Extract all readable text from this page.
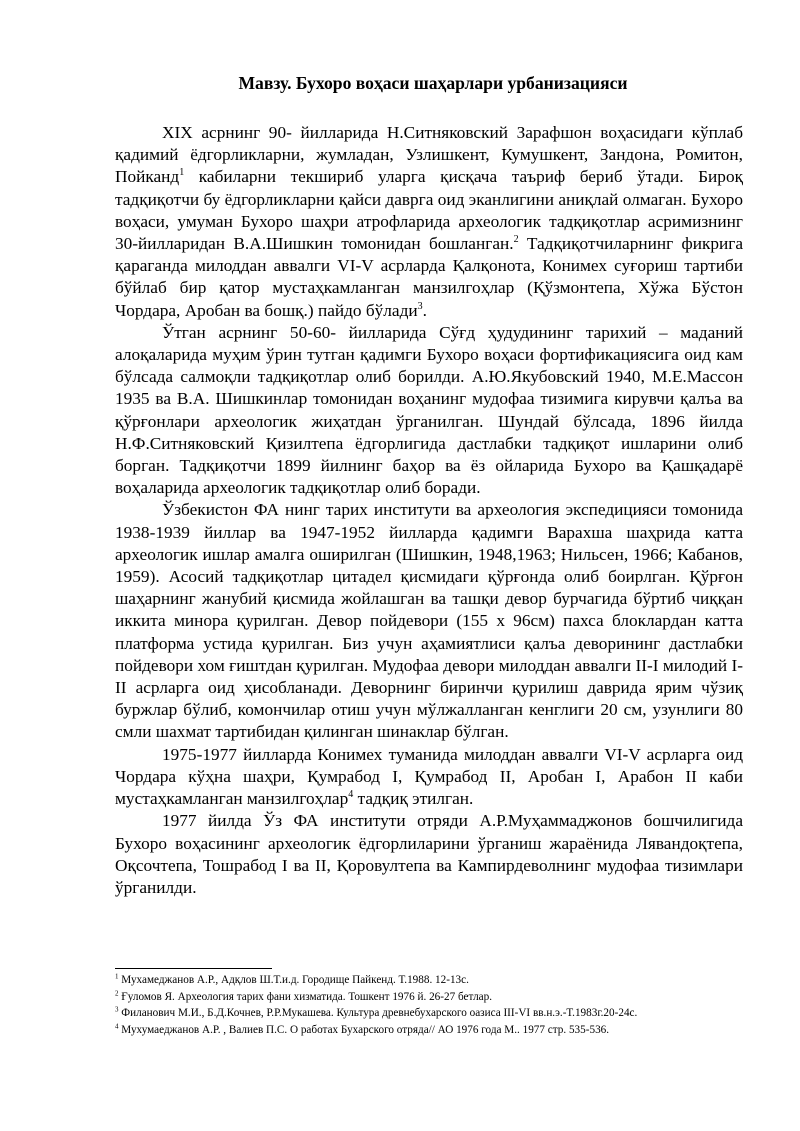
Мавзу. Бухоро воҳаси шаҳарлари урбанизацияси

XIX асрнинг 90- йилларида Н.Ситняковский Зарафшон воҳасидаги кўплаб қадимий ёдгорликларни, жумладан, Узлишкент, Кумушкент, Зандона, Ромитон, Пойканд$^1$ кабиларни текшириб уларга қисқача таъриф бериб ўтади. Бироқ тадқиқотчи бу ёдгорликларни қайси даврга оид эканлигини аниқлай олмаган. Бухоро воҳаси, умуман Бухоро шаҳри атрофларида археологик тадқиқотлар асримизнинг 30-йилларидан В.А.Шишкин томонидан бошланган.$^2$ Тадқиқотчиларнинг фикрига қараганда милоддан аввалги VI-V асрларда Қалқонота, Конимех суғориш тартиби бўйлаб бир қатор мустаҳкамланган манзилгоҳлар (Қўзмонтепа, Хўжа Бўстон Чордара, Аробан ва бошқ.) пайдо бўлади$^3$.

Ўтган асрнинг 50-60- йилларида Сўғд ҳудудининг тарихий – маданий алоқаларида муҳим ўрин тутган қадимги Бухоро воҳаси фортификациясига оид кам бўлсада салмоқли тадқиқотлар олиб борилди. А.Ю.Якубовский 1940, М.Е.Массон 1935 ва В.А. Шишкинлар томонидан воҳанинг мудофаа тизимига кирувчи қалъа ва қўрғонлари археологик жиҳатдан ўрганилган. Шундай бўлсада, 1896 йилда Н.Ф.Ситняковский Қизилтепа ёдгорлигида дастлабки тадқиқот ишларини олиб борган. Тадқиқотчи 1899 йилнинг баҳор ва ёз ойларида Бухоро ва Қашқадарё воҳаларида археологик тадқиқотлар олиб боради.

Ўзбекистон ФА нинг тарих институти ва археология экспедицияси томонида 1938-1939 йиллар ва 1947-1952 йилларда қадимги Варахша шаҳрида катта археологик ишлар амалга оширилган (Шишкин, 1948,1963; Нильсен, 1966; Кабанов, 1959). Асосий тадқиқотлар цитадел қисмидаги қўрғонда олиб боирлган. Қўрғон шаҳарнинг жанубий қисмида жойлашган ва ташқи девор бурчагида бўртиб чиққан иккита минора қурилган. Девор пойдевори (155 х 96см) пахса блоклардан катта платформа устида қурилган. Биз учун аҳамиятлиси қалъа деворининг дастлабки пойдевори хом ғиштдан қурилган. Мудофаа девори милоддан аввалги II-I милодий I-II асрларга оид ҳисобланади. Деворнинг биринчи қурилиш даврида ярим чўзиқ буржлар бўлиб, комончилар отиш учун мўлжалланган кенглиги 20 см, узунлиги 80 смли шахмат тартибидан қилинган шинаклар бўлган.

1975-1977 йилларда Конимех туманида милоддан аввалги VI-V асрларга оид Чордара кўҳна шаҳри, Қумрабод I, Қумрабод II, Аробан I, Арабон II каби мустаҳкамланган манзилгоҳлар$^4$ тадқиқ этилган.

1977 йилда Ўз ФА институти отряди А.Р.Муҳаммаджонов бошчилигида Бухоро воҳасининг археологик ёдгорлиларини ўрганиш жараёнида Лявандоқтепа, Оқсочтепа, Тошрабод I ва II, Қоровултепа ва Кампирдеволнинг мудофаа тизимлари ўрганилди.

$^1$ Мухамеджанов А.Р., Адқлов Ш.Т.и.д. Городище Пайкенд. Т.1988. 12-13с.
$^2$ Ғуломов Я. Археология тарих фани хизматида. Тошкент 1976 й. 26-27 бетлар.
$^3$ Филанович М.И., Б.Д.Кочнев, Р.Р.Мукашева. Культура древнебухарского оазиса III-VI вв.н.э.-Т.1983г.20-24с.
$^4$ Мухумаеджанов А.Р. , Валиев П.С. О работах Бухарского отряда// АО 1976 года М.. 1977 стр. 535-536.
